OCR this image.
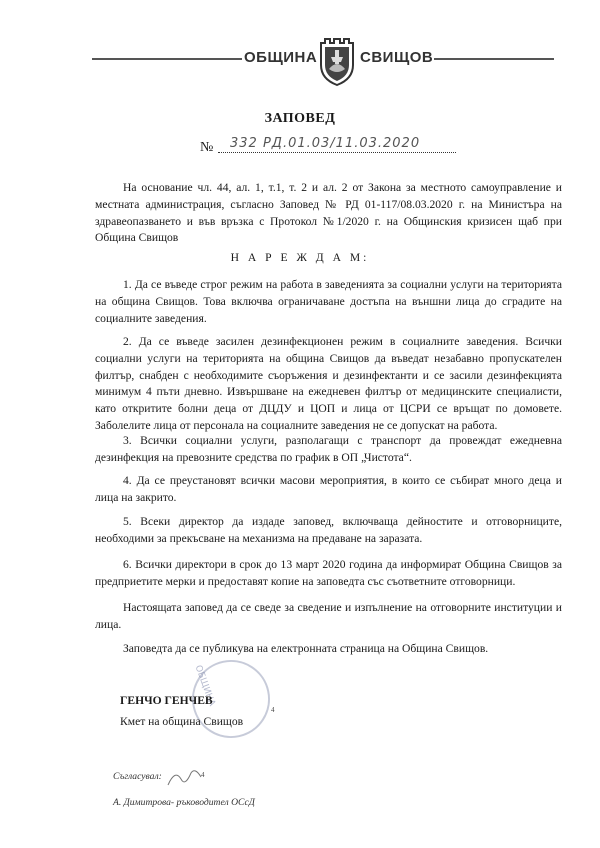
ОБЩИНА	СВИЩОВ
ЗАПОВЕД
№ 332 РД.01.03/11.03.2020

На основание чл. 44, ал. 1, т.1, т. 2 и ал. 2 от Закона за местното самоуправление и местната администрация, съгласно Заповед № РД 01-117/08.03.2020 г. на Министъра на здравеопазването и във връзка с Протокол №1/2020 г. на Общинския кризисен щаб при Община Свищов

Н А Р Е Ж Д А М:

1. Да се въведе строг режим на работа в заведенията за социални услуги на територията на община Свищов. Това включва ограничаване достъпа на външни лица до сградите на социалните заведения.

2. Да се въведе засилен дезинфекционен режим в социалните заведения. Всички социални услуги на територията на община Свищов да въведат незабавно пропускателен филтър, снабден с необходимите съоръжения и дезинфектанти и се засили дезинфекцията минимум 4 пъти дневно. Извършване на ежедневен филтър от медицинските специалисти, като откритите болни деца от ДЦДУ и ЦОП и лица от ЦСРИ се връщат по домовете. Заболелите лица от персонала на социалните заведения не се допускат на работа.

3. Всички социални услуги, разполагащи с транспорт да провеждат ежедневна дезинфекция на превозните средства по график в ОП „Чистота“.

4. Да се преустановят всички масови мероприятия, в които се събират много деца и лица на закрито.

5. Всеки директор да издаде заповед, включваща дейностите и отговорниците, необходими за прекъсване на механизма на предаване на заразата.

6. Всички директори в срок до 13 март 2020 година да информират Община Свищов за предприетите мерки и предоставят копие на заповедта със съответните отговорници.

Настоящата заповед да се сведе за сведение и изпълнение на отговорните институции и лица.

Заповедта да се публикува на електронната страница на Община Свищов.

ОБЩИНА
ГЕНЧО ГЕНЧЕВ
Кмет на община Свищов
4
Съгласувал:	4
А. Димитрова- ръководител ОСсД
